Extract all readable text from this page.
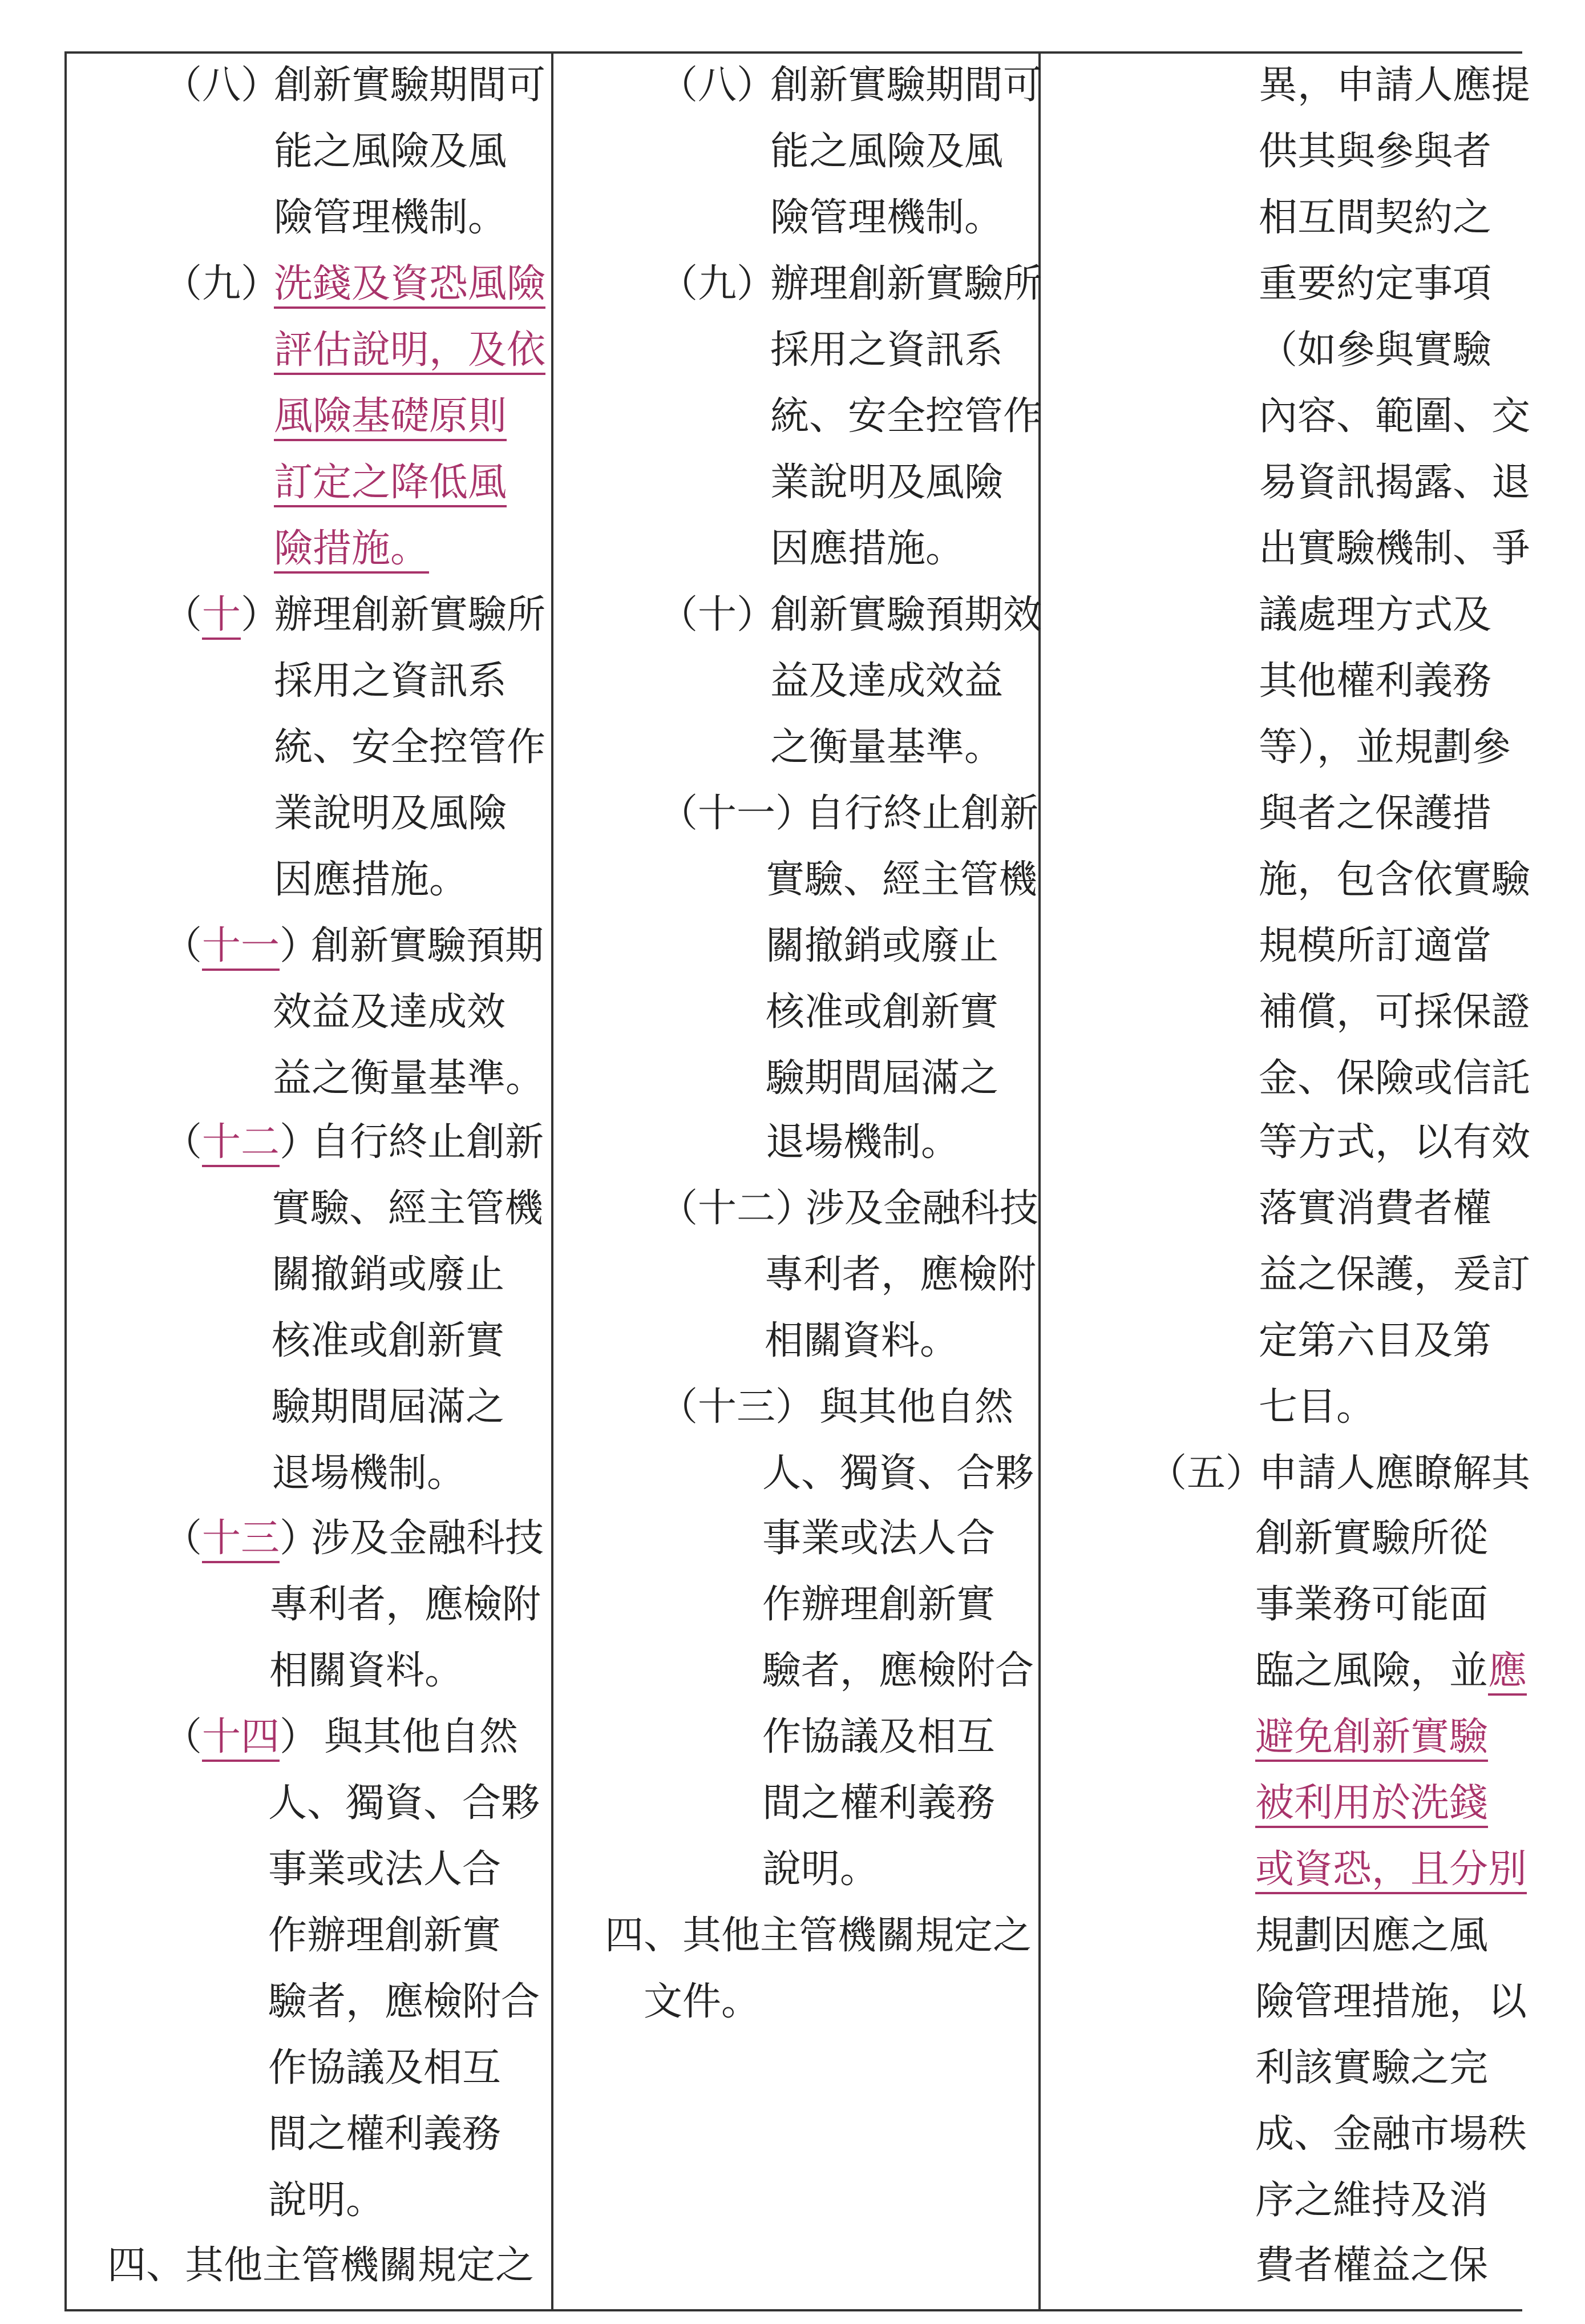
（八）
創新實驗期間可
能之風險及風
險管理機制。
（九）
洗錢及資恐風險
評估說明，及依
風險基礎原則
訂定之降低風
險措施。
（十）
辦理創新實驗所
採用之資訊系
統、安全控管作
業說明及風險
因應措施。
（十一）
創新實驗預期
效益及達成效
益之衡量基準。
（十二）
自行終止創新
實驗、經主管機
關撤銷或廢止
核准或創新實
驗期間屆滿之
退場機制。
（十三）
涉及金融科技
專利者，應檢附
相關資料。
（十四） 與其他自然
人、獨資、合夥
事業或法人合
作辦理創新實
驗者，應檢附合
作協議及相互
間之權利義務
說明。
四、其他主管機關規定之
（八）
創新實驗期間可
能之風險及風
險管理機制。
（九）
辦理創新實驗所
採用之資訊系
統、安全控管作
業說明及風險
因應措施。
（十）
創新實驗預期效
益及達成效益
之衡量基準。
（十一）
自行終止創新
實驗、經主管機
關撤銷或廢止
核准或創新實
驗期間屆滿之
退場機制。
（十二）
涉及金融科技
專利者，應檢附
相關資料。
（十三） 與其他自然
人、獨資、合夥
事業或法人合
作辦理創新實
驗者，應檢附合
作協議及相互
間之權利義務
說明。
四、其他主管機關規定之
文件。
異，申請人應提
供其與參與者
相互間契約之
重要約定事項
（如參與實驗
內容、範圍、交
易資訊揭露、退
出實驗機制、爭
議處理方式及
其他權利義務
等），並規劃參
與者之保護措
施，包含依實驗
規模所訂適當
補償，可採保證
金、保險或信託
等方式，以有效
落實消費者權
益之保護，爰訂
定第六目及第
七目。
（五）
申請人應瞭解其
創新實驗所從
事業務可能面
臨之風險，並應
避免創新實驗
被利用於洗錢
或資恐，且分別
規劃因應之風
險管理措施，以
利該實驗之完
成、金融市場秩
序之維持及消
費者權益之保
